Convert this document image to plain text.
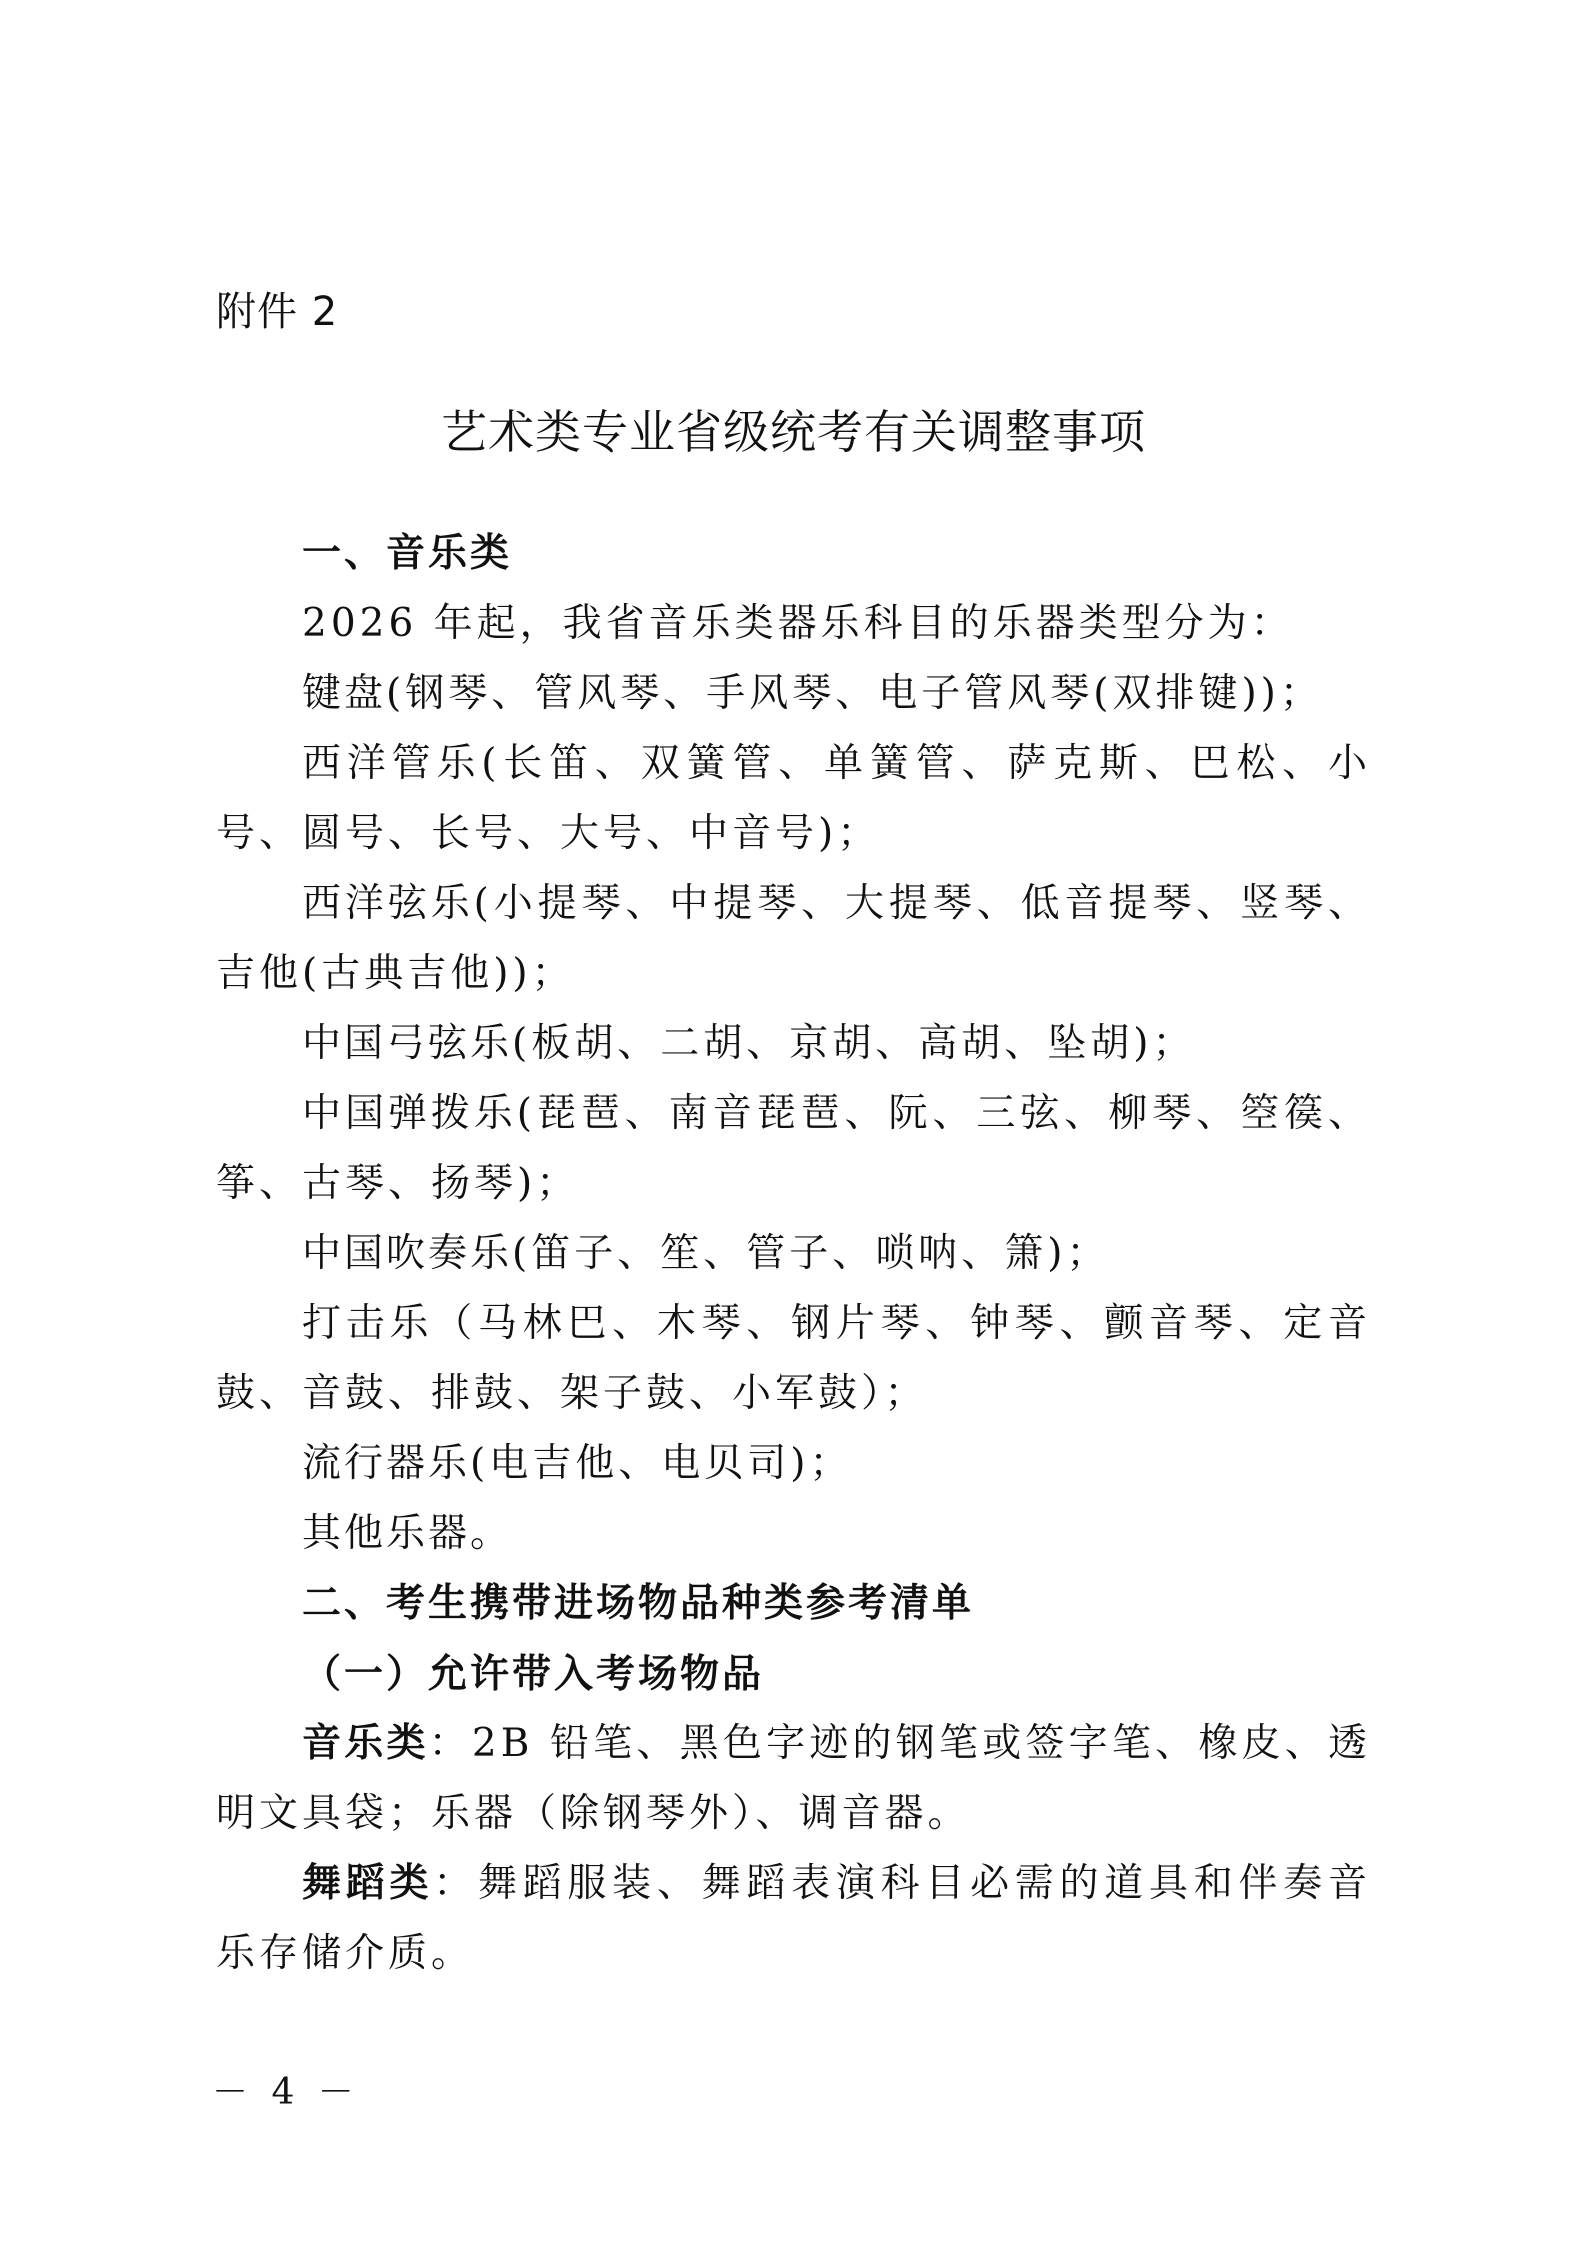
附件 2
艺术类专业省级统考有关调整事项

一、音乐类

2026 年起，我省音乐类器乐科目的乐器类型分为：

键盘(钢琴、管风琴、手风琴、电子管风琴(双排键))；

西洋管乐(长笛、双簧管、单簧管、萨克斯、巴松、小号、圆号、长号、大号、中音号)；

西洋弦乐(小提琴、中提琴、大提琴、低音提琴、竖琴、吉他(古典吉他))；

中国弓弦乐(板胡、二胡、京胡、高胡、坠胡)；

中国弹拨乐(琵琶、南音琵琶、阮、三弦、柳琴、箜篌、筝、古琴、扬琴)；

中国吹奏乐(笛子、笙、管子、唢呐、箫)；

打击乐（马林巴、木琴、钢片琴、钟琴、颤音琴、定音鼓、音鼓、排鼓、架子鼓、小军鼓）；

流行器乐(电吉他、电贝司)；

其他乐器。

二、考生携带进场物品种类参考清单

（一）允许带入考场物品

音乐类：2B 铅笔、黑色字迹的钢笔或签字笔、橡皮、透明文具袋；乐器（除钢琴外）、调音器。

舞蹈类：舞蹈服装、舞蹈表演科目必需的道具和伴奏音乐存储介质。

－ 4 －
